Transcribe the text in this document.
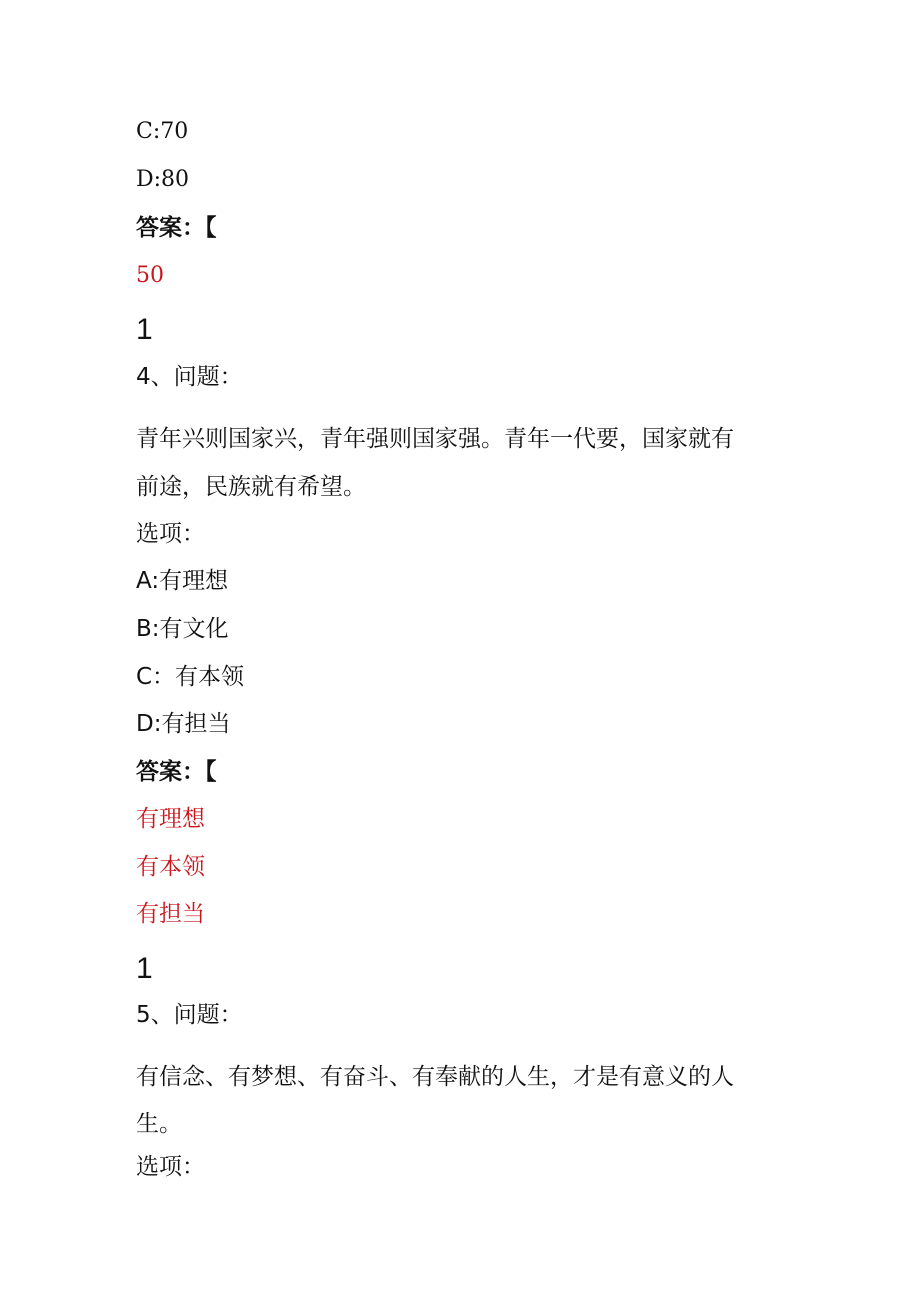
C:70
D:80
答案：【
50
1
4、问题：
青年兴则国家兴，青年强则国家强。青年一代要，国家就有
前途，民族就有希望。
选项：
A:有理想
B:有文化
C：有本领
D:有担当
答案：【
有理想
有本领
有担当
1
5、问题：
有信念、有梦想、有奋斗、有奉献的人生，才是有意义的人
生。
选项：
